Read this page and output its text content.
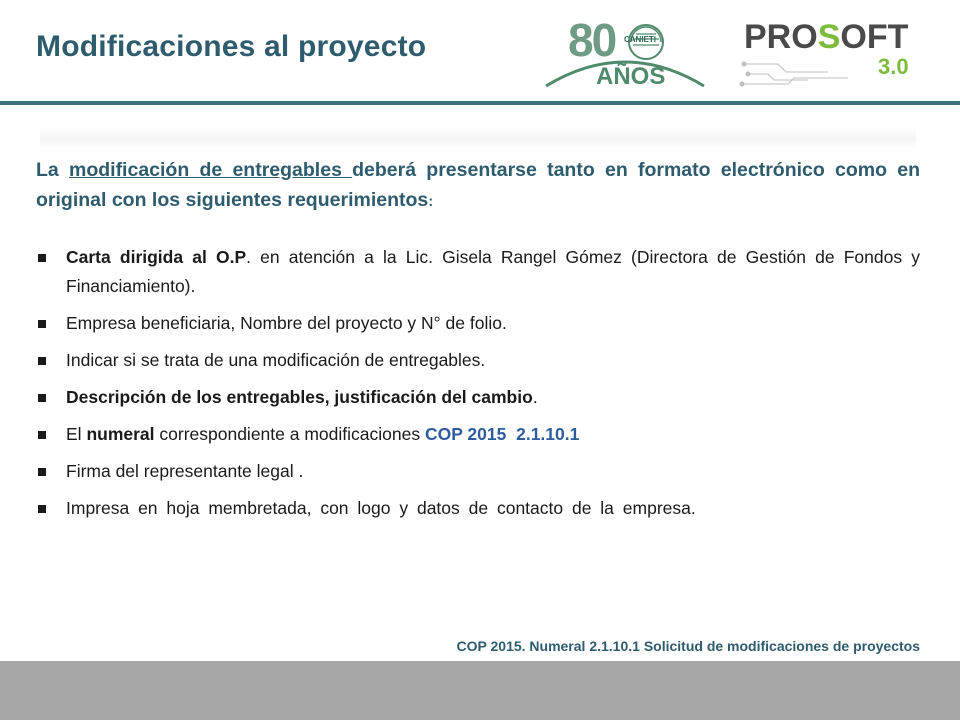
Modificaciones al proyecto	80 CANIETI
AÑOS
PROSOFT
3.0
La modificación de entregables deberá presentarse tanto en formato electrónico como en original con los siguientes requerimientos:
Carta dirigida al O.P. en atención a la Lic. Gisela Rangel Gómez (Directora de Gestión de Fondos y Financiamiento).
Empresa beneficiaria, Nombre del proyecto y N° de folio.
Indicar si se trata de una modificación de entregables.
Descripción de los entregables, justificación del cambio.
El numeral correspondiente a modificaciones COP 2015 2.1.10.1
Firma del representante legal .
Impresa en hoja membretada, con logo y datos de contacto de la empresa.
COP 2015. Numeral 2.1.10.1 Solicitud de modificaciones de proyectos
